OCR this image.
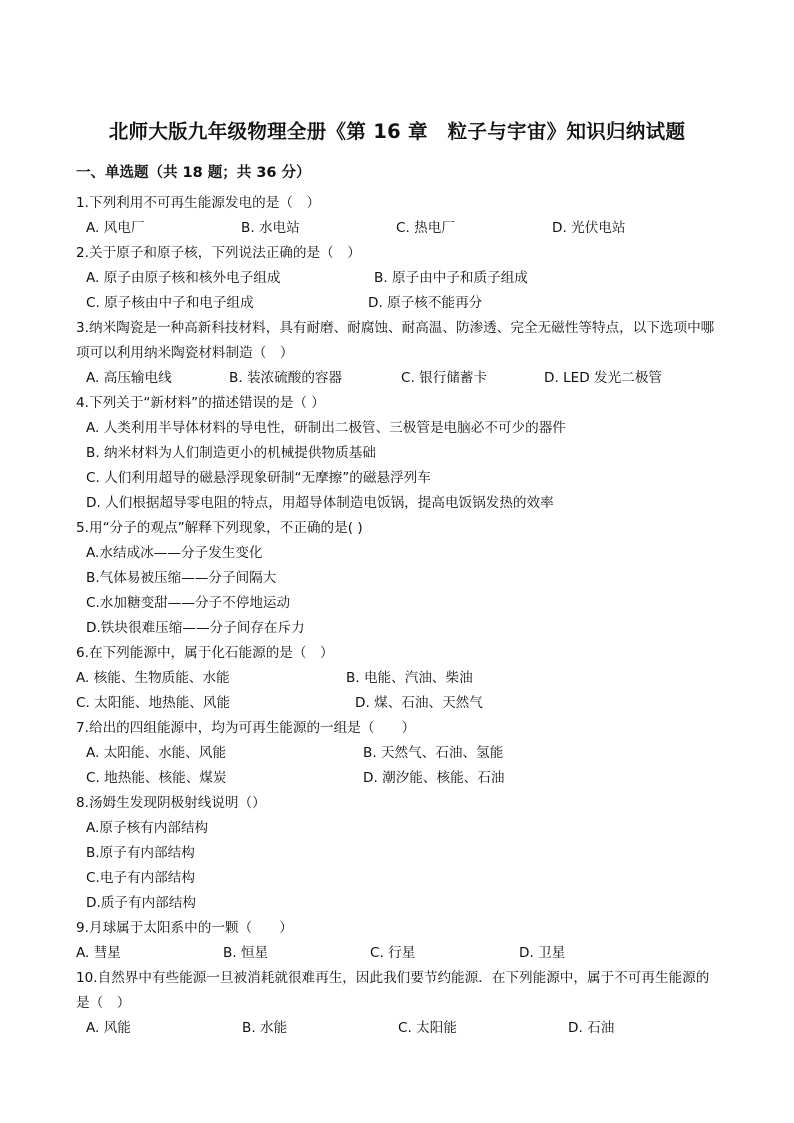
北师大版九年级物理全册《第 16 章　粒子与宇宙》知识归纳试题
一、单选题（共 18 题；共 36 分）
1.下列利用不可再生能源发电的是（　）
A. 风电厂	B. 水电站	C. 热电厂	D. 光伏电站
2.关于原子和原子核，下列说法正确的是（　）
A. 原子由原子核和核外电子组成	B. 原子由中子和质子组成
C. 原子核由中子和电子组成	D. 原子核不能再分
3.纳米陶瓷是一种高新科技材料，具有耐磨、耐腐蚀、耐高温、防渗透、完全无磁性等特点，以下选项中哪项可以利用纳米陶瓷材料制造（　）
A. 高压输电线	B. 装浓硫酸的容器	C. 银行储蓄卡	D. LED 发光二极管
4.下列关于“新材料”的描述错误的是（ ）
A. 人类利用半导体材料的导电性，研制出二极管、三极管是电脑必不可少的器件
B. 纳米材料为人们制造更小的机械提供物质基础
C. 人们利用超导的磁悬浮现象研制“无摩擦”的磁悬浮列车
D. 人们根据超导零电阻的特点，用超导体制造电饭锅，提高电饭锅发热的效率
5.用“分子的观点”解释下列现象，不正确的是( )
A.水结成冰——分子发生变化
B.气体易被压缩——分子间隔大
C.水加糖变甜——分子不停地运动
D.铁块很难压缩——分子间存在斥力
6.在下列能源中，属于化石能源的是（　）
A. 核能、生物质能、水能	B. 电能、汽油、柴油
C. 太阳能、地热能、风能	D. 煤、石油、天然气
7.给出的四组能源中，均为可再生能源的一组是（　　）
A. 太阳能、水能、风能	B. 天然气、石油、氢能
C. 地热能、核能、煤炭	D. 潮汐能、核能、石油
8.汤姆生发现阴极射线说明（）
A.原子核有内部结构
B.原子有内部结构
C.电子有内部结构
D.质子有内部结构
9.月球属于太阳系中的一颗（　　）
A. 彗星	B. 恒星	C. 行星	D. 卫星
10.自然界中有些能源一旦被消耗就很难再生，因此我们要节约能源．在下列能源中，属于不可再生能源的是（　）
A. 风能	B. 水能	C. 太阳能	D. 石油
